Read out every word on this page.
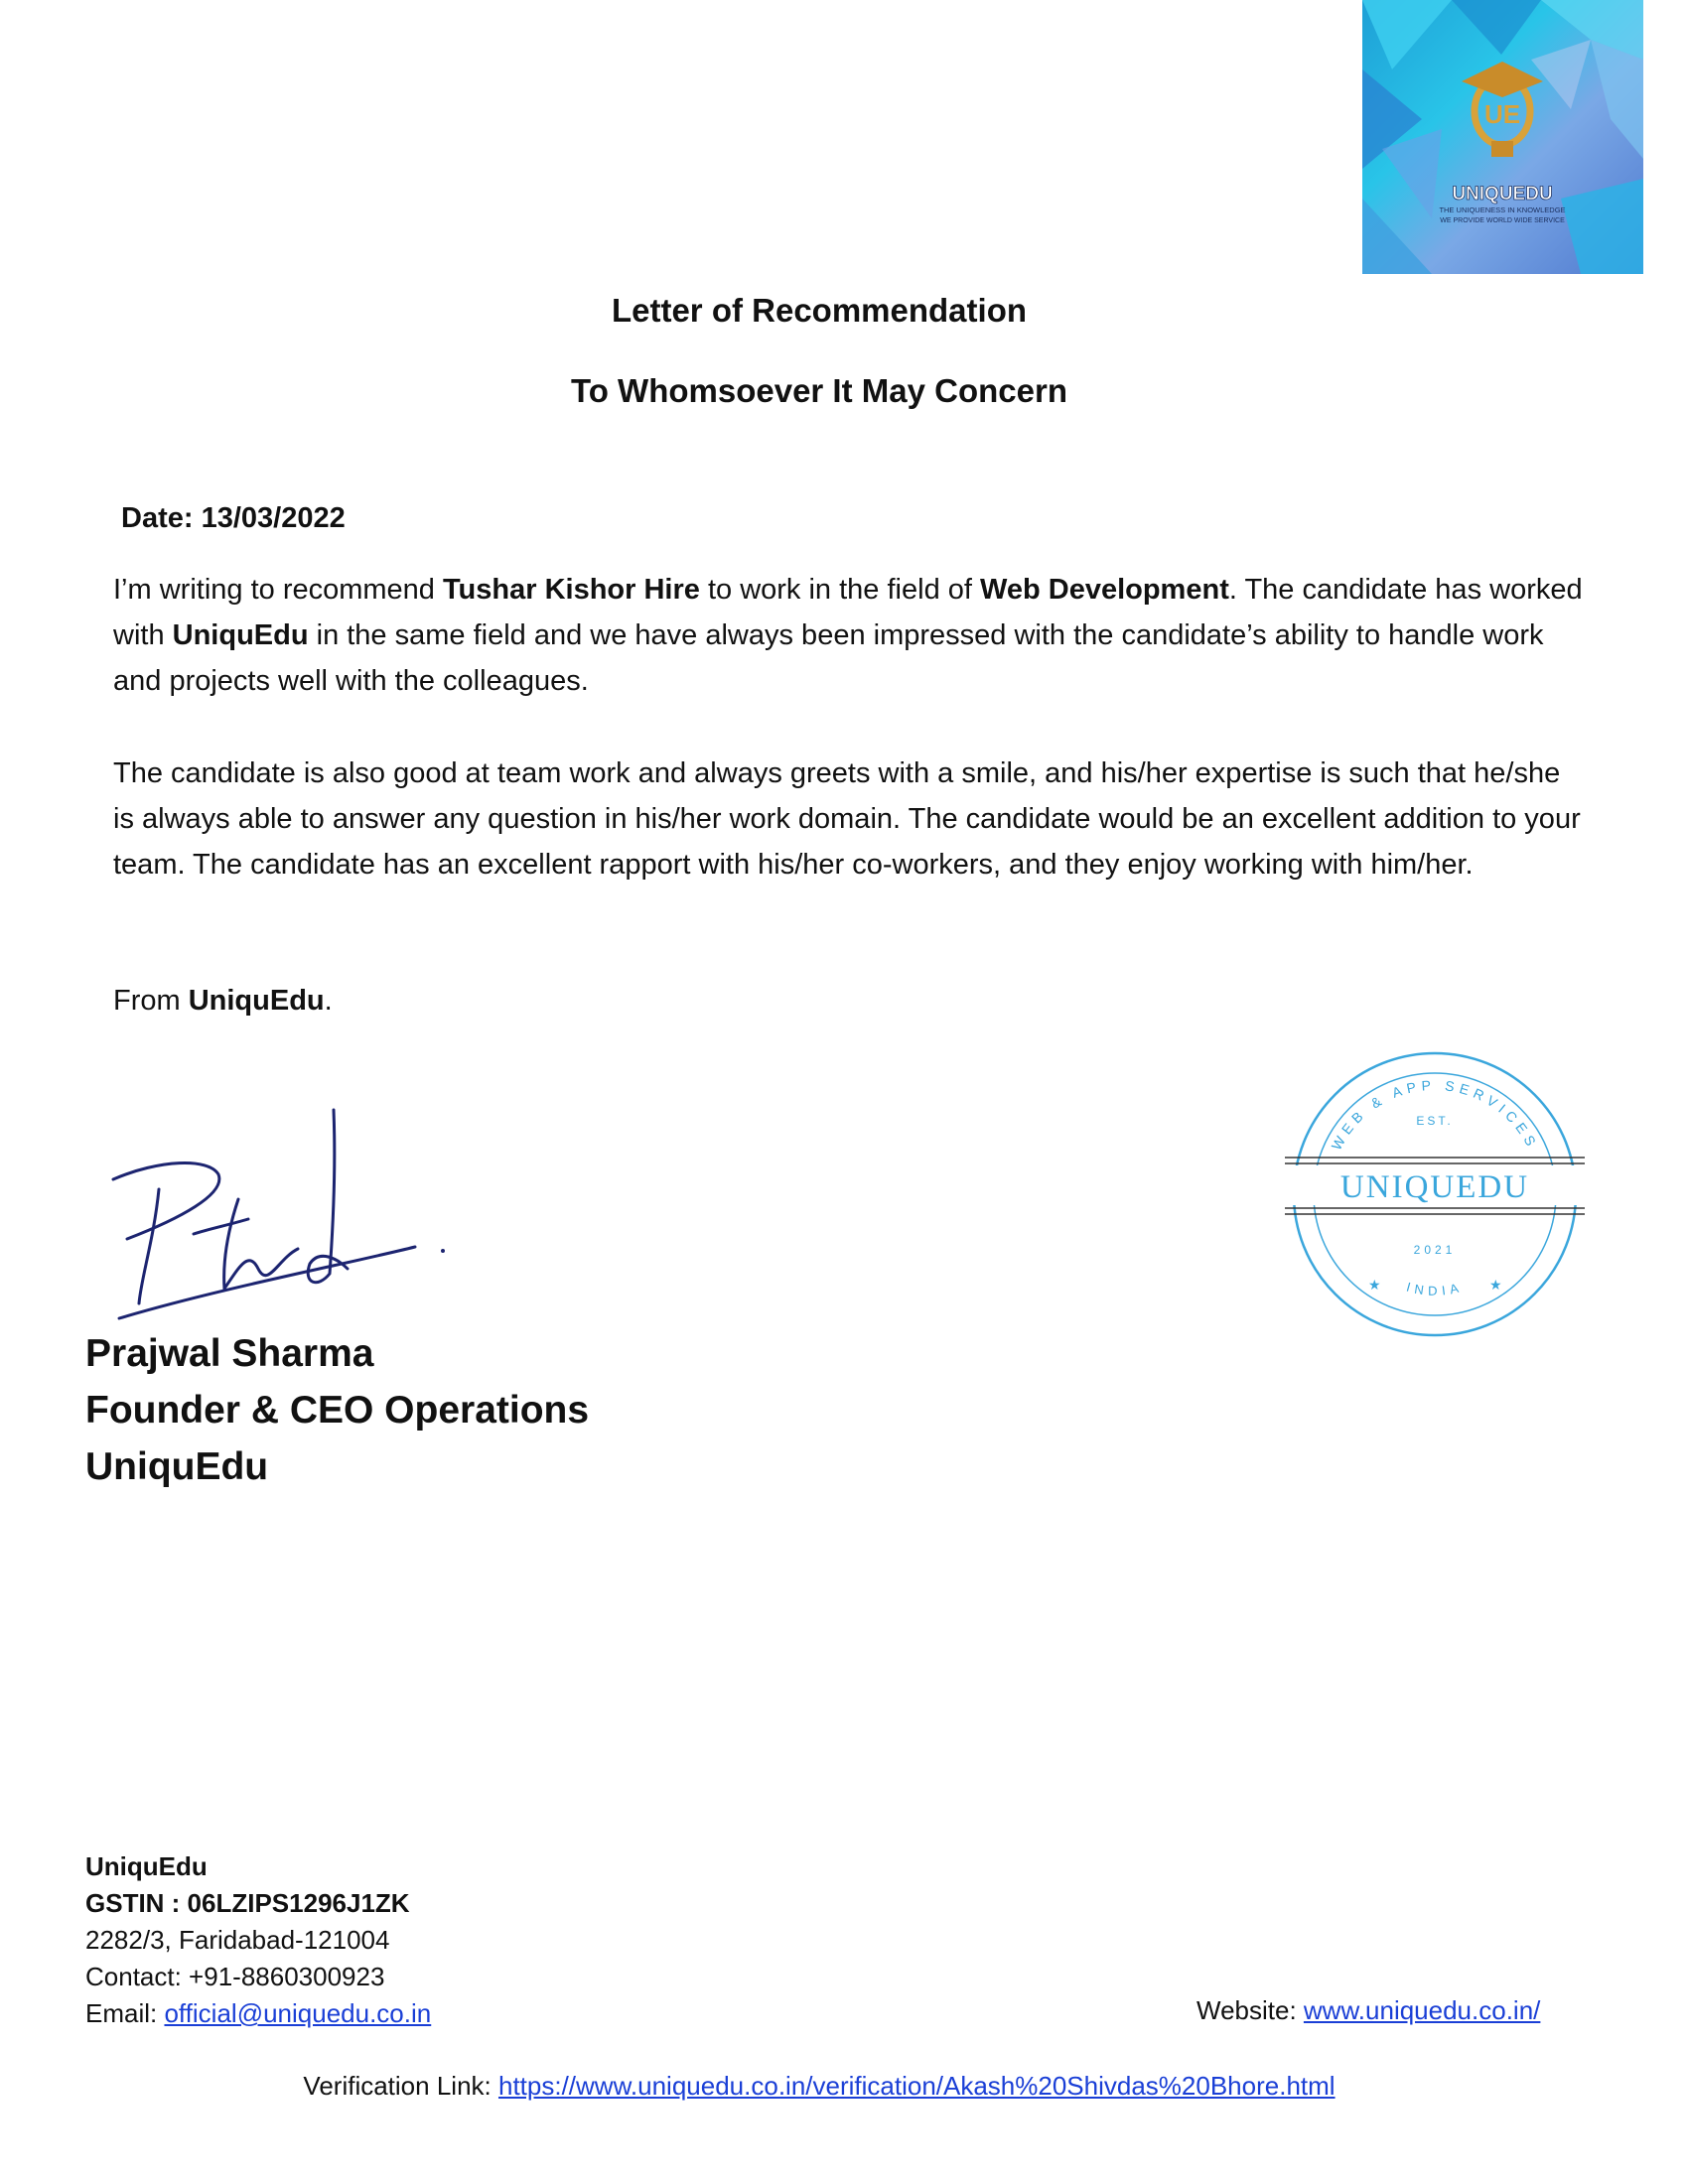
UE
UNIQUEDU
THE UNIQUENESS IN KNOWLEDGE
WE PROVIDE WORLD WIDE SERVICE
Letter of Recommendation
To Whomsoever It May Concern
Date: 13/03/2022

I’m writing to recommend Tushar Kishor Hire to work in the field of Web Development. The candidate has worked with UniquEdu in the same field and we have always been impressed with the candidate’s ability to handle work and projects well with the colleagues.

The candidate is also good at team work and always greets with a smile, and his/her expertise is such that he/she is always able to answer any question in his/her work domain. The candidate would be an excellent addition to your team. The candidate has an excellent rapport with his/her co-workers, and they enjoy working with him/her.

From UniquEdu.

WEB & APP SERVICES
EST.
UNIQUEDU
2021
INDIA
★	★
Prajwal Sharma
Founder & CEO Operations
UniquEdu
UniquEdu
GSTIN : 06LZIPS1296J1ZK
2282/3, Faridabad-121004
Contact: +91-8860300923
Email: official@uniquedu.co.in	Website: www.uniquedu.co.in/
Verification Link: https://www.uniquedu.co.in/verification/Akash%20Shivdas%20Bhore.html
